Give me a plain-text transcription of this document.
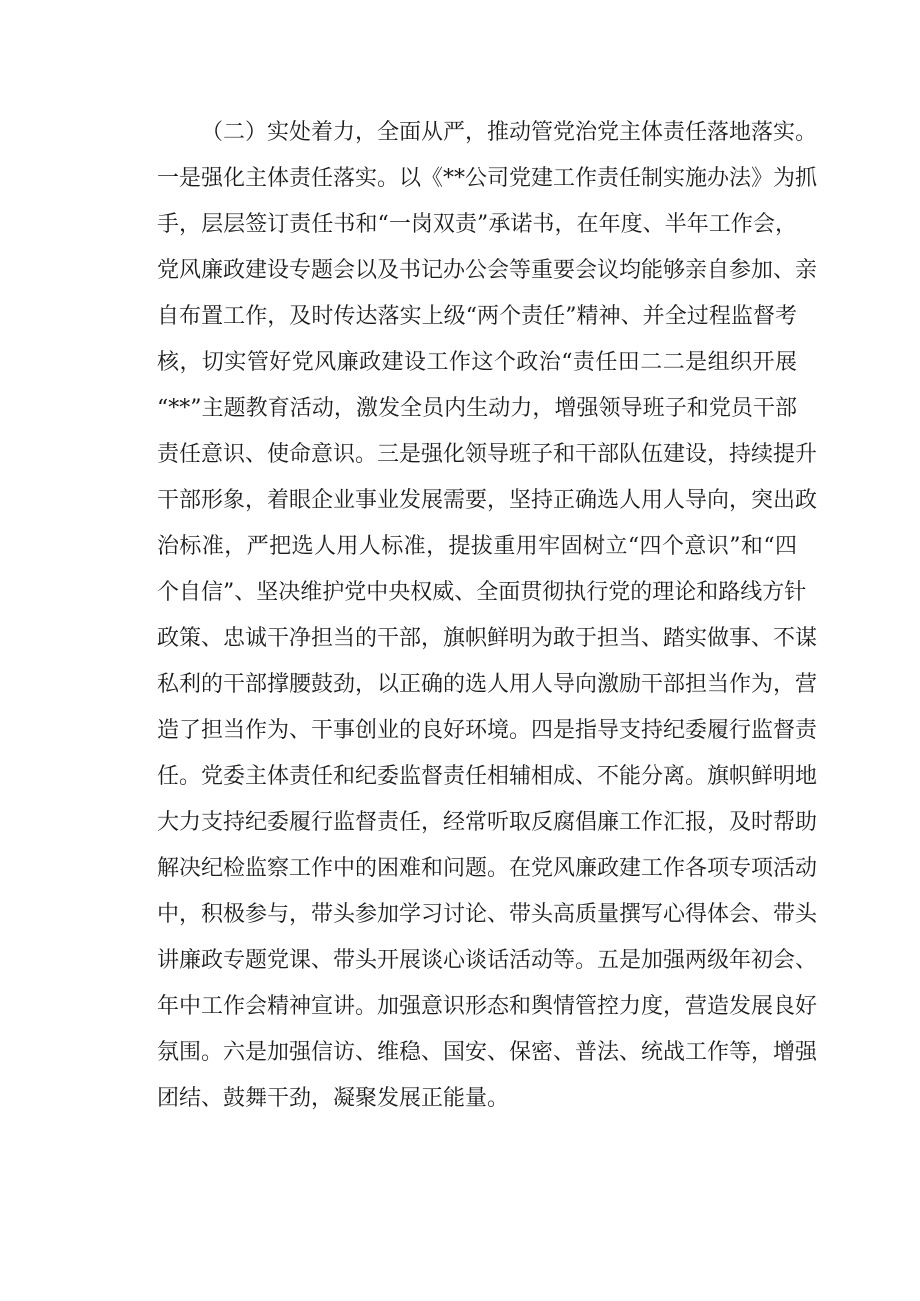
（二）实处着力，全面从严，推动管党治党主体责任落地落实。
一是强化主体责任落实。以《**公司党建工作责任制实施办法》为抓
手，层层签订责任书和“一岗双责”承诺书，在年度、半年工作会，
党风廉政建设专题会以及书记办公会等重要会议均能够亲自参加、亲
自布置工作，及时传达落实上级“两个责任”精神、并全过程监督考
核，切实管好党风廉政建设工作这个政治“责任田二二是组织开展
“**”主题教育活动，激发全员内生动力，增强领导班子和党员干部
责任意识、使命意识。三是强化领导班子和干部队伍建设，持续提升
干部形象，着眼企业事业发展需要，坚持正确选人用人导向，突出政
治标准，严把选人用人标准，提拔重用牢固树立“四个意识”和“四
个自信”、坚决维护党中央权威、全面贯彻执行党的理论和路线方针
政策、忠诚干净担当的干部，旗帜鲜明为敢于担当、踏实做事、不谋
私利的干部撑腰鼓劲，以正确的选人用人导向激励干部担当作为，营
造了担当作为、干事创业的良好环境。四是指导支持纪委履行监督责
任。党委主体责任和纪委监督责任相辅相成、不能分离。旗帜鲜明地
大力支持纪委履行监督责任，经常听取反腐倡廉工作汇报，及时帮助
解决纪检监察工作中的困难和问题。在党风廉政建工作各项专项活动
中，积极参与，带头参加学习讨论、带头高质量撰写心得体会、带头
讲廉政专题党课、带头开展谈心谈话活动等。五是加强两级年初会、
年中工作会精神宣讲。加强意识形态和舆情管控力度，营造发展良好
氛围。六是加强信访、维稳、国安、保密、普法、统战工作等，增强
团结、鼓舞干劲，凝聚发展正能量。
